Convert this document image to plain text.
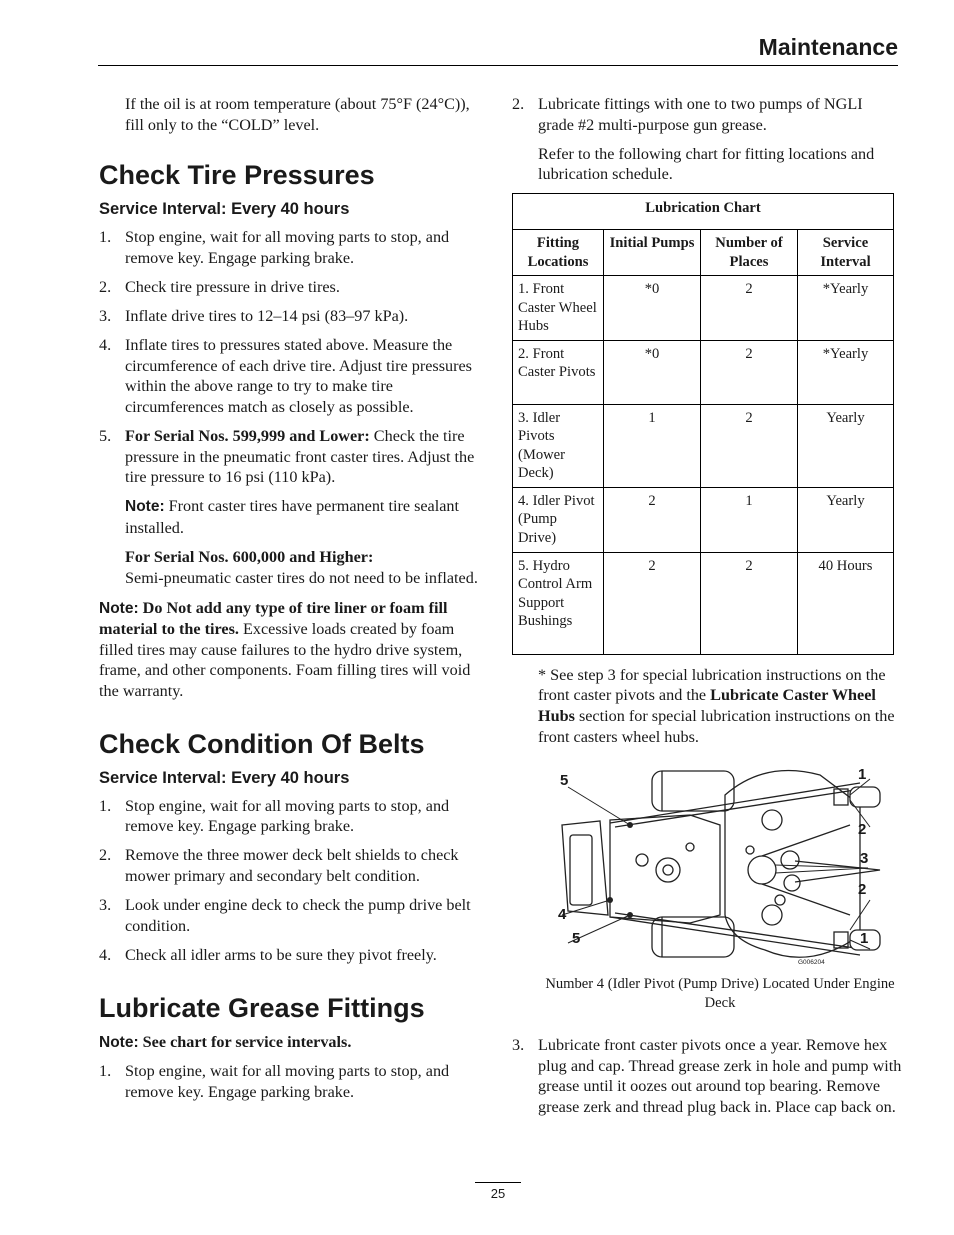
Maintenance

If the oil is at room temperature (about 75°F (24°C)), fill only to the “COLD” level.

Check Tire Pressures
Service Interval: Every 40 hours
1. Stop engine, wait for all moving parts to stop, and remove key. Engage parking brake.
2. Check tire pressure in drive tires.
3. Inflate drive tires to 12–14 psi (83–97 kPa).
4. Inflate tires to pressures stated above. Measure the circumference of each drive tire. Adjust tire pressures within the above range to try to make tire circumferences match as closely as possible.
5. For Serial Nos. 599,999 and Lower: Check the tire pressure in the pneumatic front caster tires. Adjust the tire pressure to 16 psi (110 kPa).

Note: Front caster tires have permanent tire sealant installed.

For Serial Nos. 600,000 and Higher:
Semi-pneumatic caster tires do not need to be inflated.

Note: Do Not add any type of tire liner or foam fill material to the tires. Excessive loads created by foam filled tires may cause failures to the hydro drive system, frame, and other components. Foam filling tires will void the warranty.

Check Condition Of Belts
Service Interval: Every 40 hours
1. Stop engine, wait for all moving parts to stop, and remove key. Engage parking brake.
2. Remove the three mower deck belt shields to check mower primary and secondary belt condition.
3. Look under engine deck to check the pump drive belt condition.
4. Check all idler arms to be sure they pivot freely.
Lubricate Grease Fittings

Note: See chart for service intervals.

1. Stop engine, wait for all moving parts to stop, and remove key. Engage parking brake.
2. Lubricate fittings with one to two pumps of NGLI grade #2 multi-purpose gun grease.

Refer to the following chart for fitting locations and lubrication schedule.

Lubrication Chart			
Fitting Locations	Initial Pumps	Number of Places	Service Interval
1. Front Caster Wheel Hubs	*0	2	*Yearly
2. Front Caster Pivots	*0	2	*Yearly
3. Idler Pivots (Mower Deck)	1	2	Yearly
4. Idler Pivot (Pump Drive)	2	1	Yearly
5. Hydro Control Arm Support Bushings	2	2	40 Hours

* See step 3 for special lubrication instructions on the front caster pivots and the Lubricate Caster Wheel Hubs section for special lubrication instructions on the front casters wheel hubs.

G006204
5
4
5
1
2
3
2
1

Number 4 (Idler Pivot (Pump Drive) Located Under Engine Deck

3. Lubricate front caster pivots once a year. Remove hex plug and cap. Thread grease zerk in hole and pump with grease until it oozes out around top bearing. Remove grease zerk and thread plug back in. Place cap back on.
25
